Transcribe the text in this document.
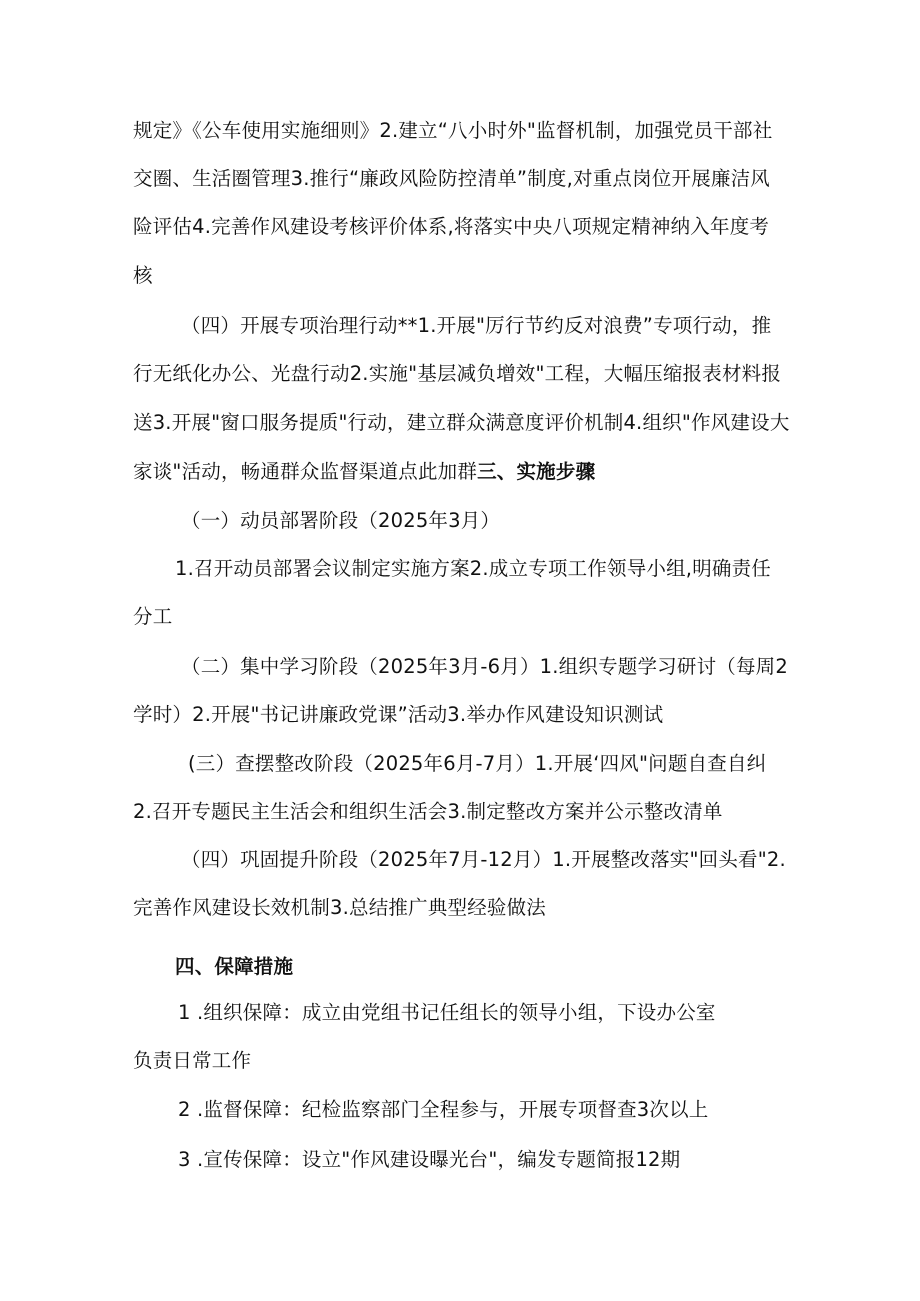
规定》《公车使用实施细则》2.建立“八小时外"监督机制，加强党员干部社
交圈、生活圈管理3.推行“廉政风险防控清单”制度,对重点岗位开展廉洁风
险评估4.完善作风建设考核评价体系,将落实中央八项规定精神纳入年度考
核
（四）开展专项治理行动**1.开展"厉行节约反对浪费”专项行动，推
行无纸化办公、光盘行动2.实施"基层减负增效"工程，大幅压缩报表材料报
送3.开展"窗口服务提质"行动，建立群众满意度评价机制4.组织"作风建设大
家谈"活动，畅通群众监督渠道点此加群三、实施步骤
（一）动员部署阶段（2025年3月）
1.召开动员部署会议制定实施方案2.成立专项工作领导小组,明确责任
分工
（二）集中学习阶段（2025年3月-6月）1.组织专题学习研讨（每周2
学时）2.开展"书记讲廉政党课”活动3.举办作风建设知识测试
(三）查摆整改阶段（2025年6月-7月）1.开展‘四风"问题自查自纠
2.召开专题民主生活会和组织生活会3.制定整改方案并公示整改清单
（四）巩固提升阶段（2025年7月-12月）1.开展整改落实"回头看"2.
完善作风建设长效机制3.总结推广典型经验做法
四、保障措施
1 .组织保障：成立由党组书记任组长的领导小组，下设办公室
负责日常工作
2 .监督保障：纪检监察部门全程参与，开展专项督查3次以上
3 .宣传保障：设立"作风建设曝光台"，编发专题简报12期
